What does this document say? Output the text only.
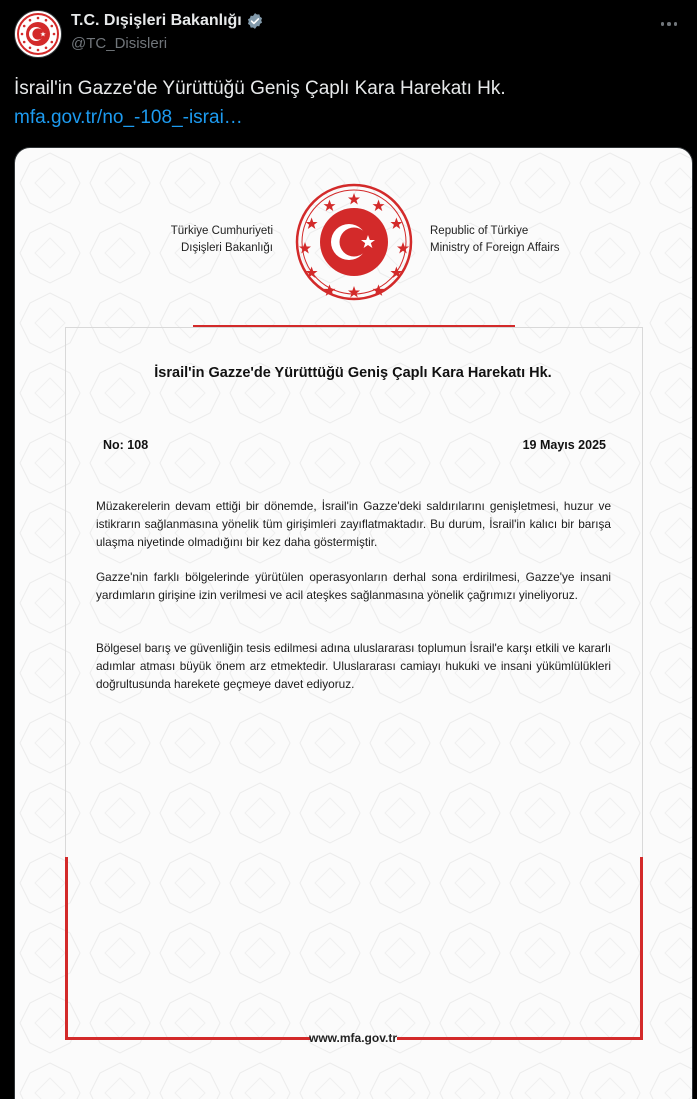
T.C. Dışişleri Bakanlığı
@TC_Disisleri
İsrail'in Gazze'de Yürüttüğü Geniş Çaplı Kara Harekatı Hk.
mfa.gov.tr/no_-108_-israi…
Türkiye Cumhuriyeti
Dışişleri Bakanlığı
Republic of Türkiye
Ministry of Foreign Affairs
İsrail'in Gazze'de Yürüttüğü Geniş Çaplı Kara Harekatı Hk.
No: 108	19 Mayıs 2025
Müzakerelerin devam ettiği bir dönemde, İsrail'in Gazze'deki saldırılarını genişletmesi, huzur ve istikrarın sağlanmasına yönelik tüm girişimleri zayıflatmaktadır. Bu durum, İsrail'in kalıcı bir barışa ulaşma niyetinde olmadığını bir kez daha göstermiştir.
Gazze'nin farklı bölgelerinde yürütülen operasyonların derhal sona erdirilmesi, Gazze'ye insani yardımların girişine izin verilmesi ve acil ateşkes sağlanmasına yönelik çağrımızı yineliyoruz.
Bölgesel barış ve güvenliğin tesis edilmesi adına uluslararası toplumun İsrail'e karşı etkili ve kararlı adımlar atması büyük önem arz etmektedir. Uluslararası camiayı hukuki ve insani yükümlülükleri doğrultusunda harekete geçmeye davet ediyoruz.
www.mfa.gov.tr
